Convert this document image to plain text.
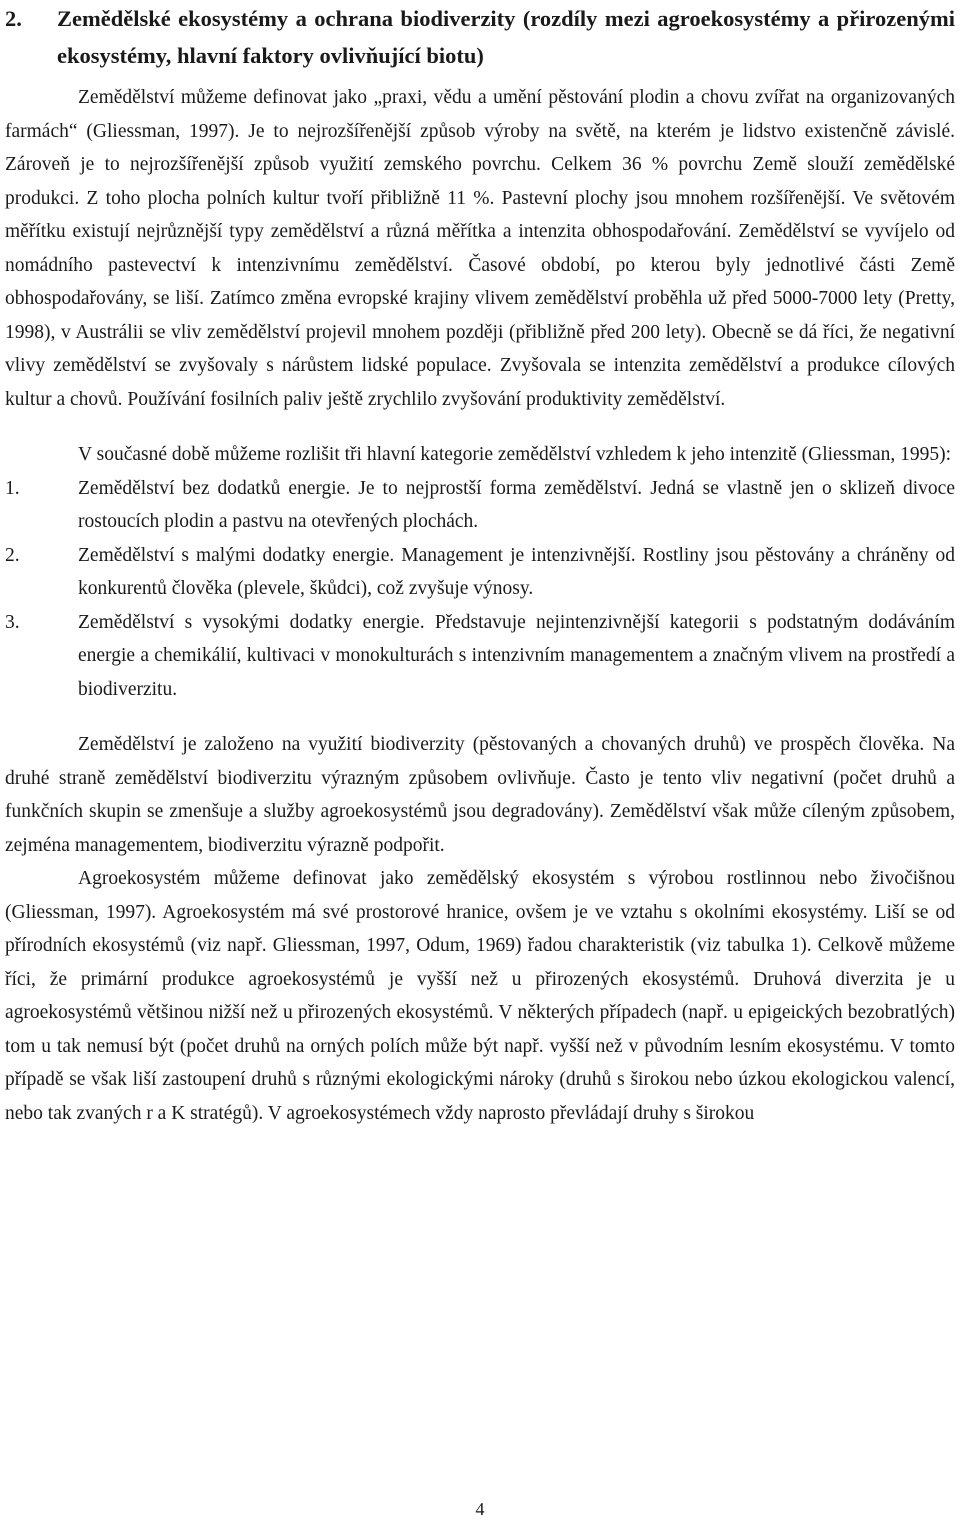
2.	Zemědělské ekosystémy a ochrana biodiverzity (rozdíly mezi agroekosystémy a přirozenými ekosystémy, hlavní faktory ovlivňující biotu)

Zemědělství můžeme definovat jako „praxi, vědu a umění pěstování plodin a chovu zvířat na organizovaných farmách“ (Gliessman, 1997). Je to nejrozšířenější způsob výroby na světě, na kterém je lidstvo existenčně závislé. Zároveň je to nejrozšířenější způsob využití zemského povrchu. Celkem 36 % povrchu Země slouží zemědělské produkci. Z toho plocha polních kultur tvoří přibližně 11 %. Pastevní plochy jsou mnohem rozšířenější. Ve světovém měřítku existují nejrůznější typy zemědělství a různá měřítka a intenzita obhospodařování. Zemědělství se vyvíjelo od nomádního pastevectví k intenzivnímu zemědělství. Časové období, po kterou byly jednotlivé části Země obhospodařovány, se liší. Zatímco změna evropské krajiny vlivem zemědělství proběhla už před 5000-7000 lety (Pretty, 1998), v Austrálii se vliv zemědělství projevil mnohem později (přibližně před 200 lety). Obecně se dá říci, že negativní vlivy zemědělství se zvyšovaly s nárůstem lidské populace. Zvyšovala se intenzita zemědělství a produkce cílových kultur a chovů. Používání fosilních paliv ještě zrychlilo zvyšování produktivity zemědělství.

V současné době můžeme rozlišit tři hlavní kategorie zemědělství vzhledem k jeho intenzitě (Gliessman, 1995):

1.	Zemědělství bez dodatků energie. Je to nejprostší forma zemědělství. Jedná se vlastně jen o sklizeň divoce rostoucích plodin a pastvu na otevřených plochách.
2.	Zemědělství s malými dodatky energie. Management je intenzivnější. Rostliny jsou pěstovány a chráněny od konkurentů člověka (plevele, škůdci), což zvyšuje výnosy.
3.	Zemědělství s vysokými dodatky energie. Představuje nejintenzivnější kategorii s podstatným dodáváním energie a chemikálií, kultivaci v monokulturách s intenzivním managementem a značným vlivem na prostředí a biodiverzitu.

Zemědělství je založeno na využití biodiverzity (pěstovaných a chovaných druhů) ve prospěch člověka. Na druhé straně zemědělství biodiverzitu výrazným způsobem ovlivňuje. Často je tento vliv negativní (počet druhů a funkčních skupin se zmenšuje a služby agroekosystémů jsou degradovány). Zemědělství však může cíleným způsobem, zejména managementem, biodiverzitu výrazně podpořit.

Agroekosystém můžeme definovat jako zemědělský ekosystém s výrobou rostlinnou nebo živočišnou (Gliessman, 1997). Agroekosystém má své prostorové hranice, ovšem je ve vztahu s okolními ekosystémy. Liší se od přírodních ekosystémů (viz např. Gliessman, 1997, Odum, 1969) řadou charakteristik (viz tabulka 1). Celkově můžeme říci, že primární produkce agroekosystémů je vyšší než u přirozených ekosystémů. Druhová diverzita je u agroekosystémů většinou nižší než u přirozených ekosystémů. V některých případech (např. u epigeických bezobratlých) tom u tak nemusí být (počet druhů na orných polích může být např. vyšší než v původním lesním ekosystému. V tomto případě se však liší zastoupení druhů s různými ekologickými nároky (druhů s širokou nebo úzkou ekologickou valencí, nebo tak zvaných r a K stratégů). V agroekosystémech vždy naprosto převládají druhy s širokou

4
